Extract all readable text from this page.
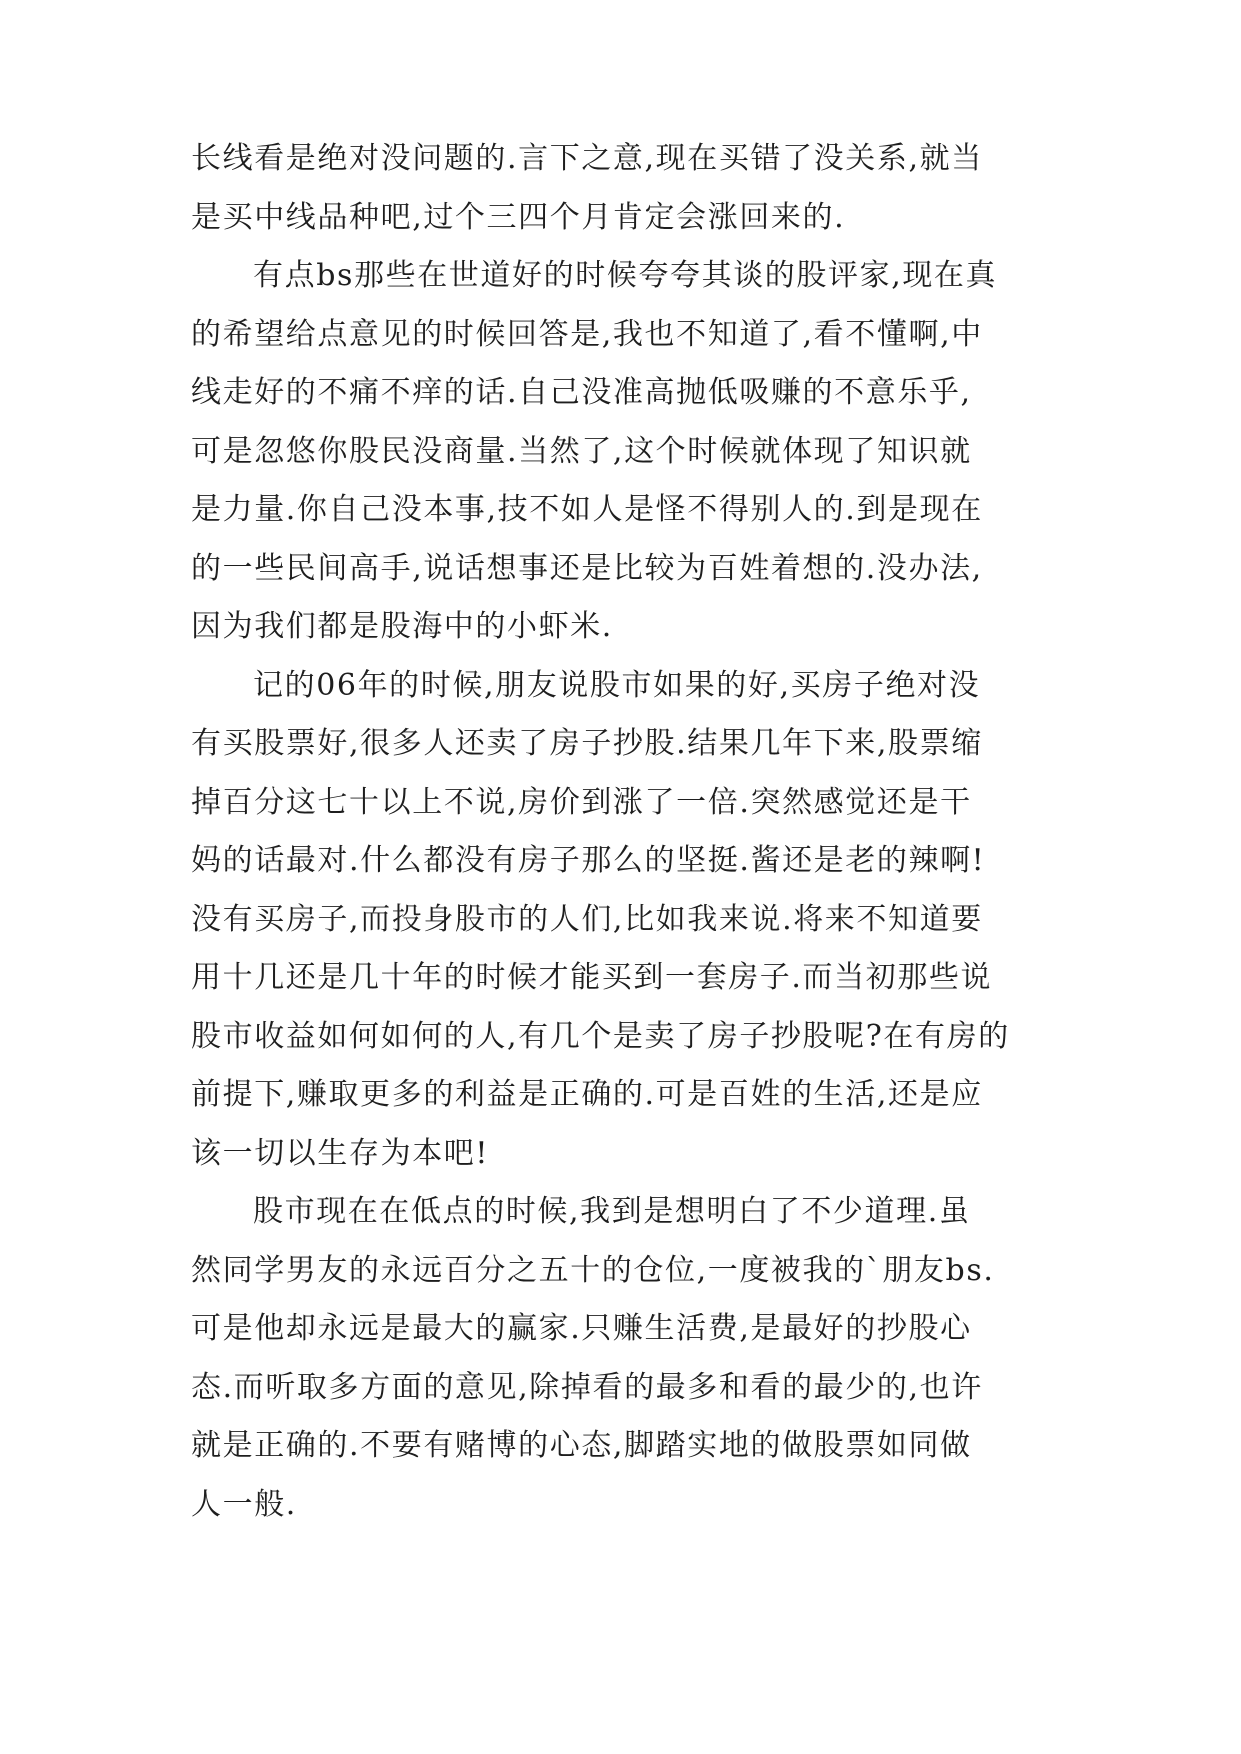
长线看是绝对没问题的.言下之意,现在买错了没关系,就当
是买中线品种吧,过个三四个月肯定会涨回来的.
有点bs那些在世道好的时候夸夸其谈的股评家,现在真
的希望给点意见的时候回答是,我也不知道了,看不懂啊,中
线走好的不痛不痒的话.自己没准高抛低吸赚的不意乐乎,
可是忽悠你股民没商量.当然了,这个时候就体现了知识就
是力量.你自己没本事,技不如人是怪不得别人的.到是现在
的一些民间高手,说话想事还是比较为百姓着想的.没办法,
因为我们都是股海中的小虾米.
记的06年的时候,朋友说股市如果的好,买房子绝对没
有买股票好,很多人还卖了房子抄股.结果几年下来,股票缩
掉百分这七十以上不说,房价到涨了一倍.突然感觉还是干
妈的话最对.什么都没有房子那么的坚挺.酱还是老的辣啊!
没有买房子,而投身股市的人们,比如我来说.将来不知道要
用十几还是几十年的时候才能买到一套房子.而当初那些说
股市收益如何如何的人,有几个是卖了房子抄股呢?在有房的
前提下,赚取更多的利益是正确的.可是百姓的生活,还是应
该一切以生存为本吧!
股市现在在低点的时候,我到是想明白了不少道理.虽
然同学男友的永远百分之五十的仓位,一度被我的`朋友bs.
可是他却永远是最大的赢家.只赚生活费,是最好的抄股心
态.而听取多方面的意见,除掉看的最多和看的最少的,也许
就是正确的.不要有赌博的心态,脚踏实地的做股票如同做
人一般.
